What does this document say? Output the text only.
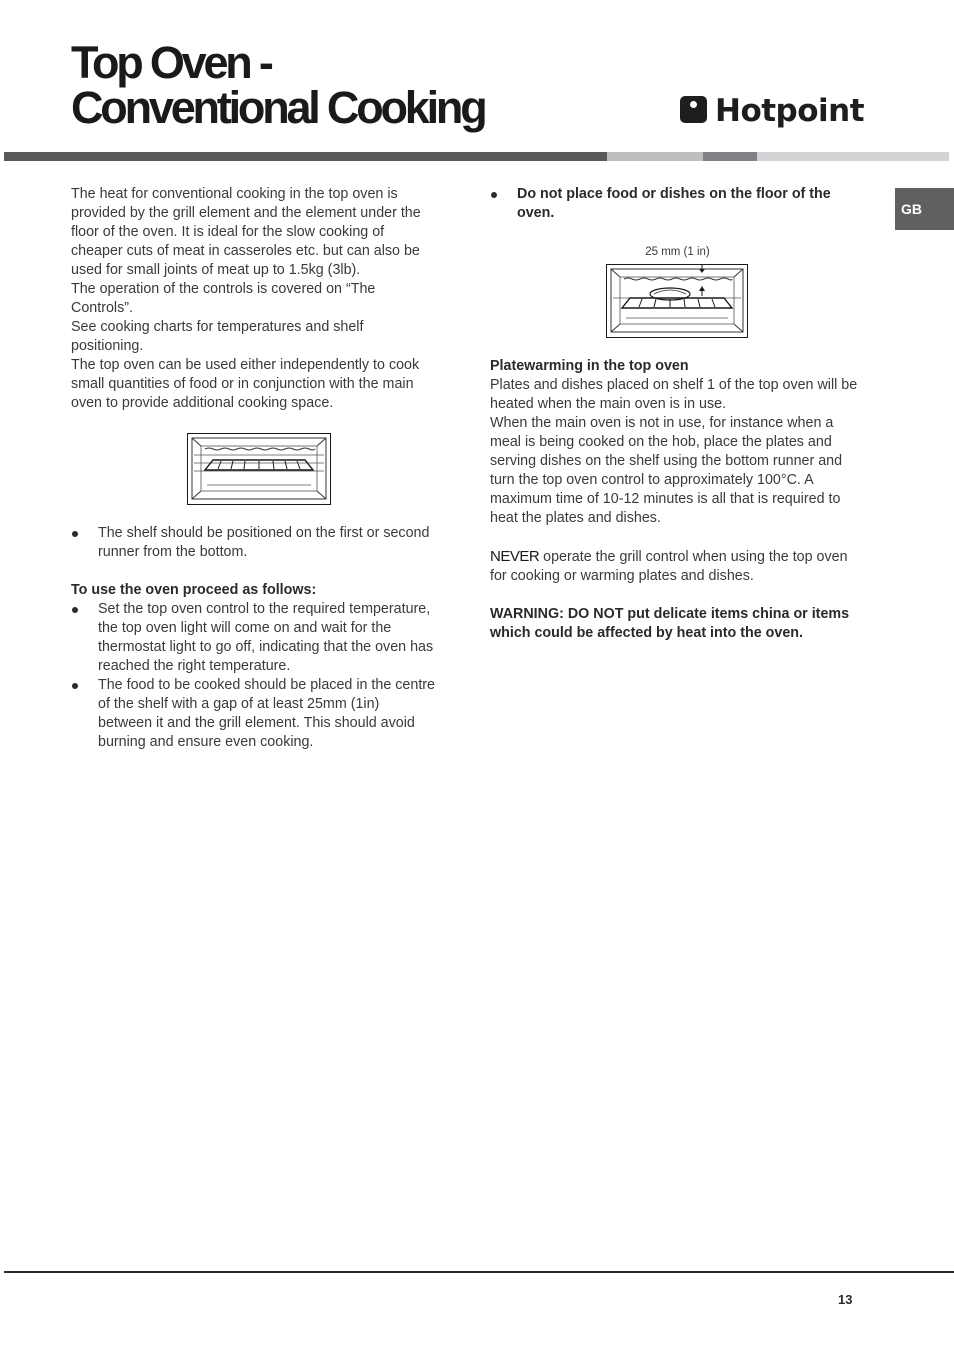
Top Oven -
Conventional Cooking	Hotpoint
GB

The heat for conventional cooking in the top oven is provided by the grill element and the element under the floor of the oven. It is ideal for the slow cooking of cheaper cuts of meat in casseroles etc. but can also be used for small joints of meat up to 1.5kg (3lb).

The operation of the controls is covered on “The Controls”.

See cooking charts for temperatures and shelf positioning.

The top oven can be used either independently to cook small quantities of food or in conjunction with the main oven to provide additional cooking space.

The shelf should be positioned on the first or second runner from the bottom.

To use the oven proceed as follows:

Set the top oven control to the required temperature, the top oven light will come on and wait for the thermostat light to go off, indicating that the oven has reached the right temperature.
The food to be cooked should be placed in the centre of the shelf with a gap of at least 25mm (1in) between it and the grill element. This should avoid burning and ensure even cooking.
Do not place food or dishes on the floor of the oven.

25 mm (1 in)

Platewarming in the top oven

Plates and dishes placed on shelf 1 of the top oven will be heated when the main oven is in use.

When the main oven is not in use, for instance when a meal is being cooked on the hob, place the plates and serving dishes on the shelf using the bottom runner and turn the top oven control to approximately 100°C. A maximum time of 10-12 minutes is all that is required to heat the plates and dishes.

NEVER operate the grill control when using the top oven for cooking or warming plates and dishes.

WARNING: DO NOT put delicate items china or items which could be affected by heat into the oven.

13
